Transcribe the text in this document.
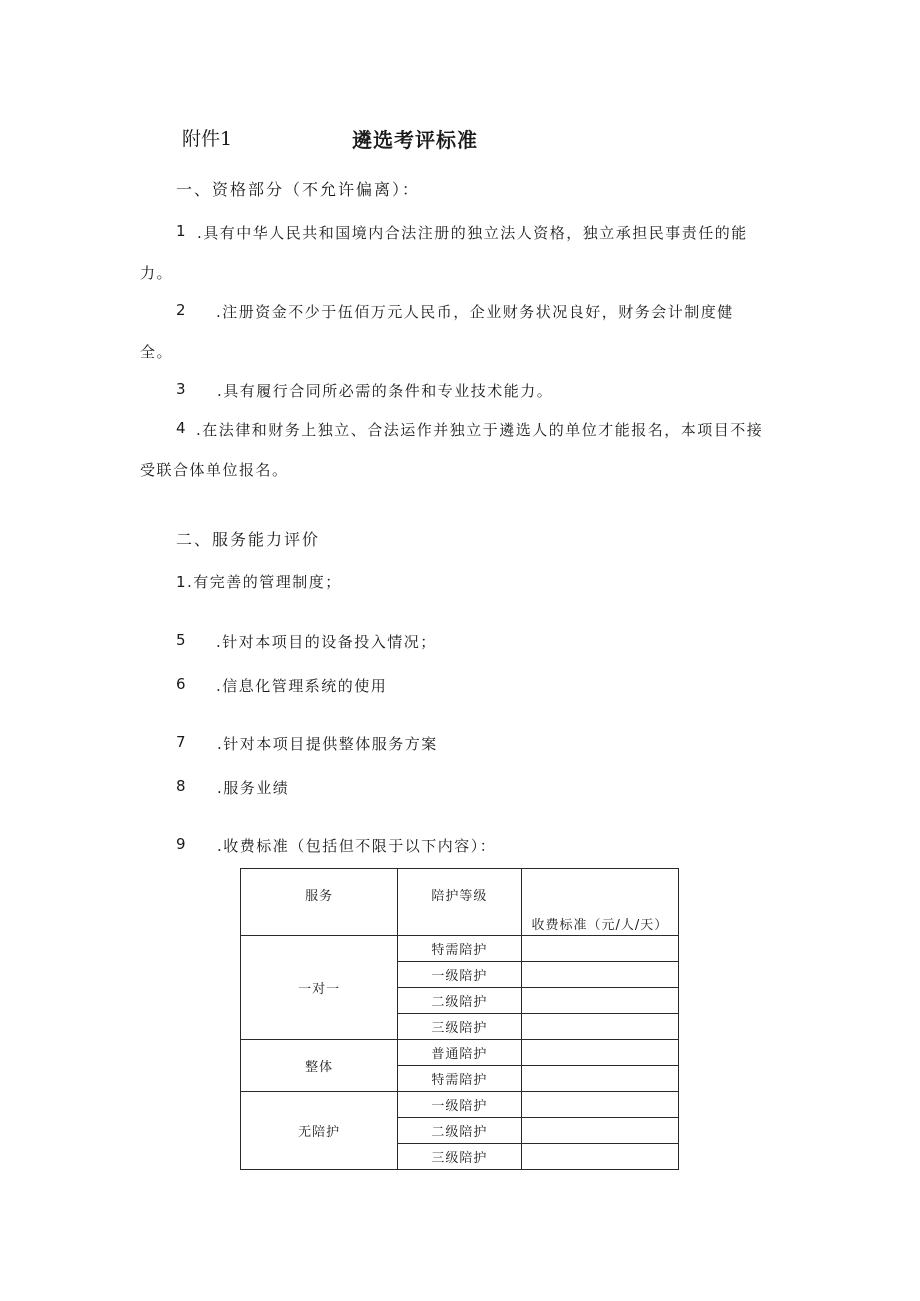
附件1	遴选考评标准
一、资格部分（不允许偏离）：
1 .具有中华人民共和国境内合法注册的独立法人资格，独立承担民事责任的能
力。
2 .注册资金不少于伍佰万元人民币，企业财务状况良好，财务会计制度健
全。
3 .具有履行合同所必需的条件和专业技术能力。
4 .在法律和财务上独立、合法运作并独立于遴选人的单位才能报名，本项目不接
受联合体单位报名。
二、服务能力评价
1.有完善的管理制度；
5 .针对本项目的设备投入情况；
6 .信息化管理系统的使用
7 .针对本项目提供整体服务方案
8 .服务业绩
9 .收费标准（包括但不限于以下内容）：
服务	陪护等级	收费标准（元/人/天）
一对一	特需陪护	
	一级陪护	
	二级陪护	
	三级陪护	
整体	普通陪护	
	特需陪护	
无陪护	一级陪护	
	二级陪护	
	三级陪护	
